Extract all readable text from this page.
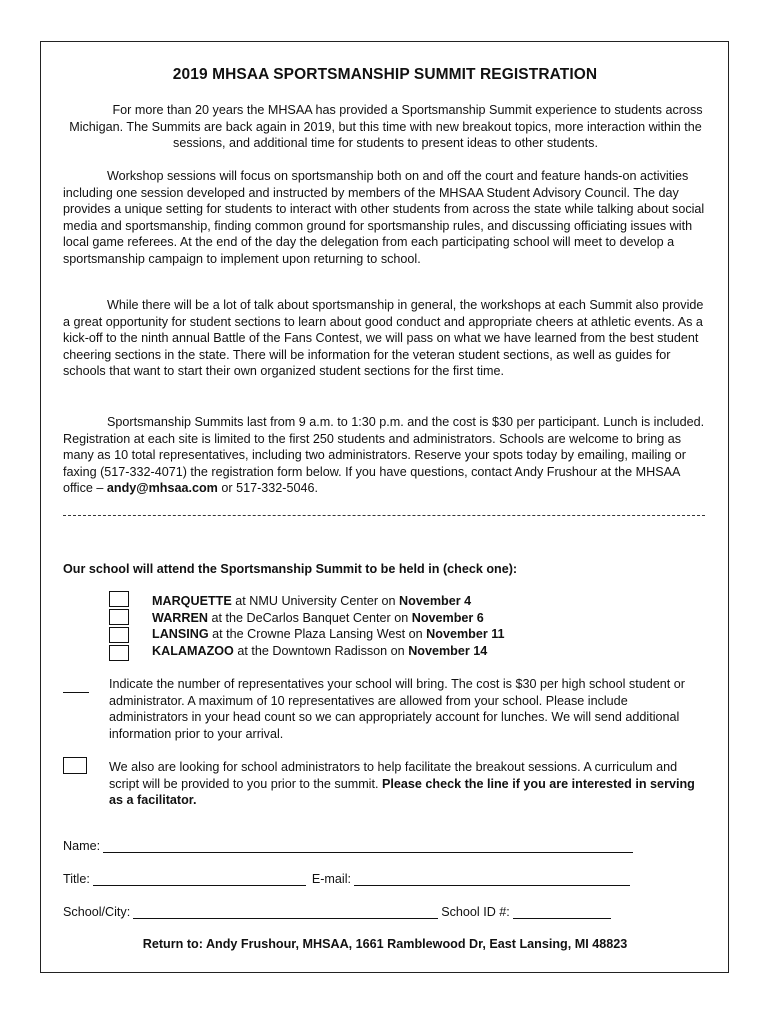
2019 MHSAA SPORTSMANSHIP SUMMIT REGISTRATION
For more than 20 years the MHSAA has provided a Sportsmanship Summit experience to students across Michigan. The Summits are back again in 2019, but this time with new breakout topics, more interaction within the sessions, and additional time for students to present ideas to other students.
Workshop sessions will focus on sportsmanship both on and off the court and feature hands-on activities including one session developed and instructed by members of the MHSAA Student Advisory Council. The day provides a unique setting for students to interact with other students from across the state while talking about social media and sportsmanship, finding common ground for sportsmanship rules, and discussing officiating issues with local game referees. At the end of the day the delegation from each participating school will meet to develop a sportsmanship campaign to implement upon returning to school.
While there will be a lot of talk about sportsmanship in general, the workshops at each Summit also provide a great opportunity for student sections to learn about good conduct and appropriate cheers at athletic events. As a kick-off to the ninth annual Battle of the Fans Contest, we will pass on what we have learned from the best student cheering sections in the state. There will be information for the veteran student sections, as well as guides for schools that want to start their own organized student sections for the first time.
Sportsmanship Summits last from 9 a.m. to 1:30 p.m. and the cost is $30 per participant. Lunch is included. Registration at each site is limited to the first 250 students and administrators. Schools are welcome to bring as many as 10 total representatives, including two administrators. Reserve your spots today by emailing, mailing or faxing (517-332-4071) the registration form below. If you have questions, contact Andy Frushour at the MHSAA office – andy@mhsaa.com or 517-332-5046.
Our school will attend the Sportsmanship Summit to be held in (check one):
MARQUETTE at NMU University Center on November 4
WARREN at the DeCarlos Banquet Center on November 6
LANSING at the Crowne Plaza Lansing West on November 11
KALAMAZOO at the Downtown Radisson on November 14
Indicate the number of representatives your school will bring. The cost is $30 per high school student or administrator. A maximum of 10 representatives are allowed from your school. Please include administrators in your head count so we can appropriately account for lunches. We will send additional information prior to your arrival.
We also are looking for school administrators to help facilitate the breakout sessions. A curriculum and script will be provided to you prior to the summit. Please check the line if you are interested in serving as a facilitator.
Name:
Title:	E-mail:
School/City:	School ID #:
Return to: Andy Frushour, MHSAA, 1661 Ramblewood Dr, East Lansing, MI 48823
